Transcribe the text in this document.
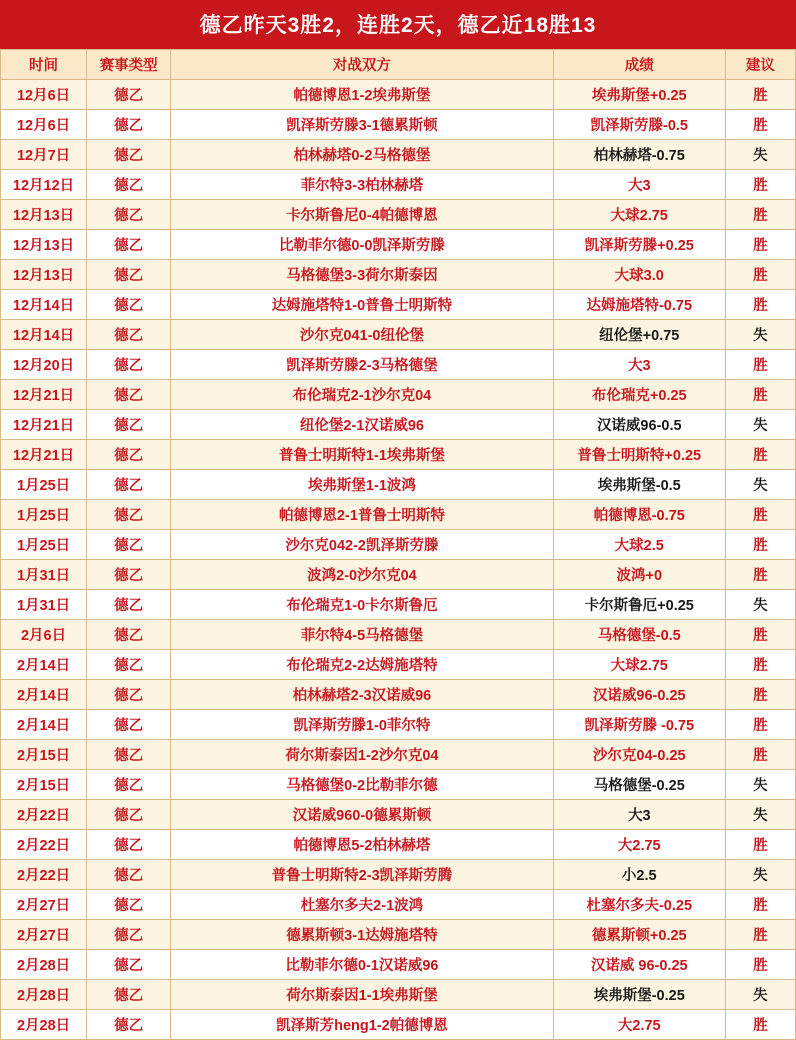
德乙昨天3胜2，连胜2天，德乙近18胜13
时间	赛事类型	对战双方	成绩	建议
12月6日	德乙	帕德博恩1-2埃弗斯堡	埃弗斯堡+0.25	胜
12月6日	德乙	凯泽斯劳滕3-1德累斯顿	凯泽斯劳滕-0.5	胜
12月7日	德乙	柏林赫塔0-2马格德堡	柏林赫塔-0.75	失
12月12日	德乙	菲尔特3-3柏林赫塔	大3	胜
12月13日	德乙	卡尔斯鲁尼0-4帕德博恩	大球2.75	胜
12月13日	德乙	比勒菲尔德0-0凯泽斯劳滕	凯泽斯劳滕+0.25	胜
12月13日	德乙	马格德堡3-3荷尔斯泰因	大球3.0	胜
12月14日	德乙	达姆施塔特1-0普鲁士明斯特	达姆施塔特-0.75	胜
12月14日	德乙	沙尔克041-0纽伦堡	纽伦堡+0.75	失
12月20日	德乙	凯泽斯劳滕2-3马格德堡	大3	胜
12月21日	德乙	布伦瑞克2-1沙尔克04	布伦瑞克+0.25	胜
12月21日	德乙	纽伦堡2-1汉诺威96	汉诺威96-0.5	失
12月21日	德乙	普鲁士明斯特1-1埃弗斯堡	普鲁士明斯特+0.25	胜
1月25日	德乙	埃弗斯堡1-1波鸿	埃弗斯堡-0.5	失
1月25日	德乙	帕德博恩2-1普鲁士明斯特	帕德博恩-0.75	胜
1月25日	德乙	沙尔克042-2凯泽斯劳滕	大球2.5	胜
1月31日	德乙	波鸿2-0沙尔克04	波鸿+0	胜
1月31日	德乙	布伦瑞克1-0卡尔斯鲁厄	卡尔斯鲁厄+0.25	失
2月6日	德乙	菲尔特4-5马格德堡	马格德堡-0.5	胜
2月14日	德乙	布伦瑞克2-2达姆施塔特	大球2.75	胜
2月14日	德乙	柏林赫塔2-3汉诺威96	汉诺威96-0.25	胜
2月14日	德乙	凯泽斯劳滕1-0菲尔特	凯泽斯劳滕 -0.75	胜
2月15日	德乙	荷尔斯泰因1-2沙尔克04	沙尔克04-0.25	胜
2月15日	德乙	马格德堡0-2比勒菲尔德	马格德堡-0.25	失
2月22日	德乙	汉诺威960-0德累斯顿	大3	失
2月22日	德乙	帕德博恩5-2柏林赫塔	大2.75	胜
2月22日	德乙	普鲁士明斯特2-3凯泽斯劳腾	小2.5	失
2月27日	德乙	杜塞尔多夫2-1波鸿	杜塞尔多夫-0.25	胜
2月27日	德乙	德累斯顿3-1达姆施塔特	德累斯顿+0.25	胜
2月28日	德乙	比勒菲尔德0-1汉诺威96	汉诺威 96-0.25	胜
2月28日	德乙	荷尔斯泰因1-1埃弗斯堡	埃弗斯堡-0.25	失
2月28日	德乙	凯泽斯芳heng1-2帕德博恩	大2.75	胜
